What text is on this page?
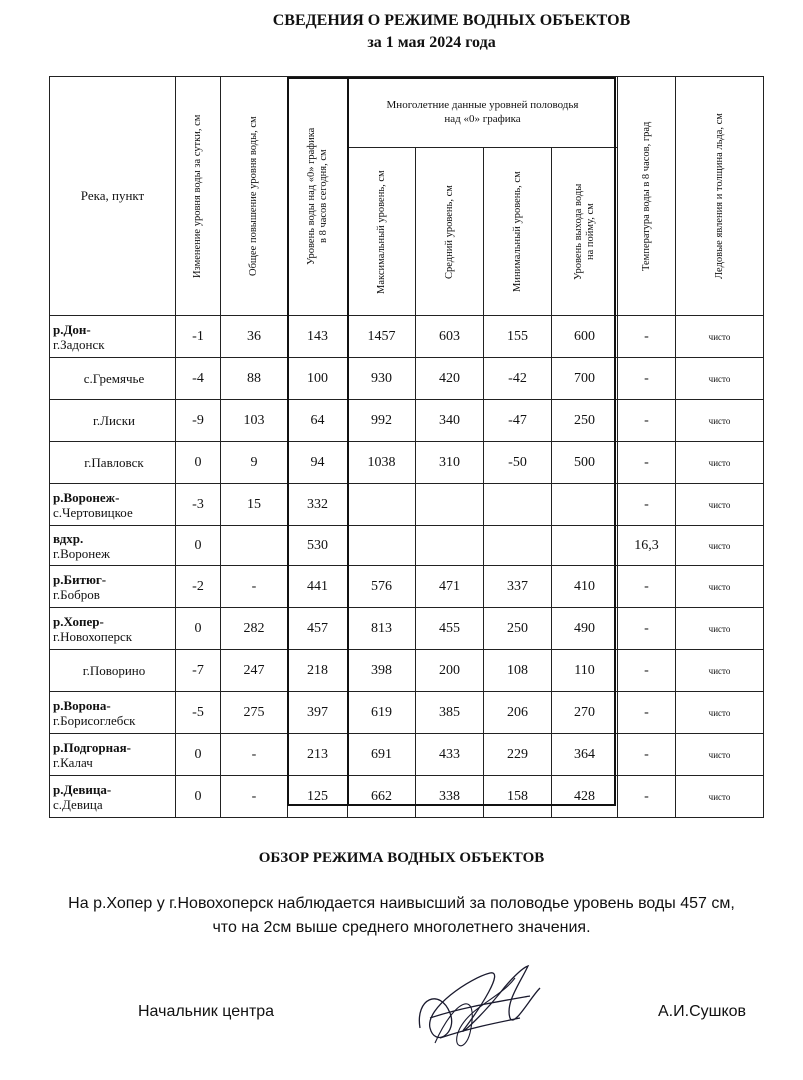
СВЕДЕНИЯ О РЕЖИМЕ ВОДНЫХ ОБЪЕКТОВ
за 1 мая 2024 года
Река, пункт	Изменение уровня воды за сутки, см	Общее повышение уровня воды, см	Уровень воды над «0» графика
в 8 часов сегодня, см	Многолетние данные уровней половодья
над «0» графика				Температура воды в 8 часов, град	Ледовые явления и толщина льда, см

				Максимальный уровень, см	Средний уровень, см	Минимальный уровень, см	Уровень выхода воды
на пойму, см		

р.Дон-
г.Задонск	-1	36	143	1457	603	155	600	-	чисто

с.Гремячье	-4	88	100	930	420	-42	700	-	чисто

г.Лиски	-9	103	64	992	340	-47	250	-	чисто

г.Павловск	0	9	94	1038	310	-50	500	-	чисто

р.Воронеж-
с.Чертовицкое	-3	15	332					-	чисто

вдхр.
г.Воронеж	0		530					16,3	чисто

р.Битюг-
г.Бобров	-2	-	441	576	471	337	410	-	чисто

р.Хопер-
г.Новохоперск	0	282	457	813	455	250	490	-	чисто

г.Поворино	-7	247	218	398	200	108	110	-	чисто

р.Ворона-
г.Борисоглебск	-5	275	397	619	385	206	270	-	чисто

р.Подгорная-
г.Калач	0	-	213	691	433	229	364	-	чисто

р.Девица-
с.Девица	0	-	125	662	338	158	428	-	чисто
ОБЗОР РЕЖИМА ВОДНЫХ ОБЪЕКТОВ
На р.Хопер у г.Новохоперск наблюдается наивысший за половодье уровень воды 457 см,
что на 2см выше среднего многолетнего значения.
Начальник центра	А.И.Сушков
